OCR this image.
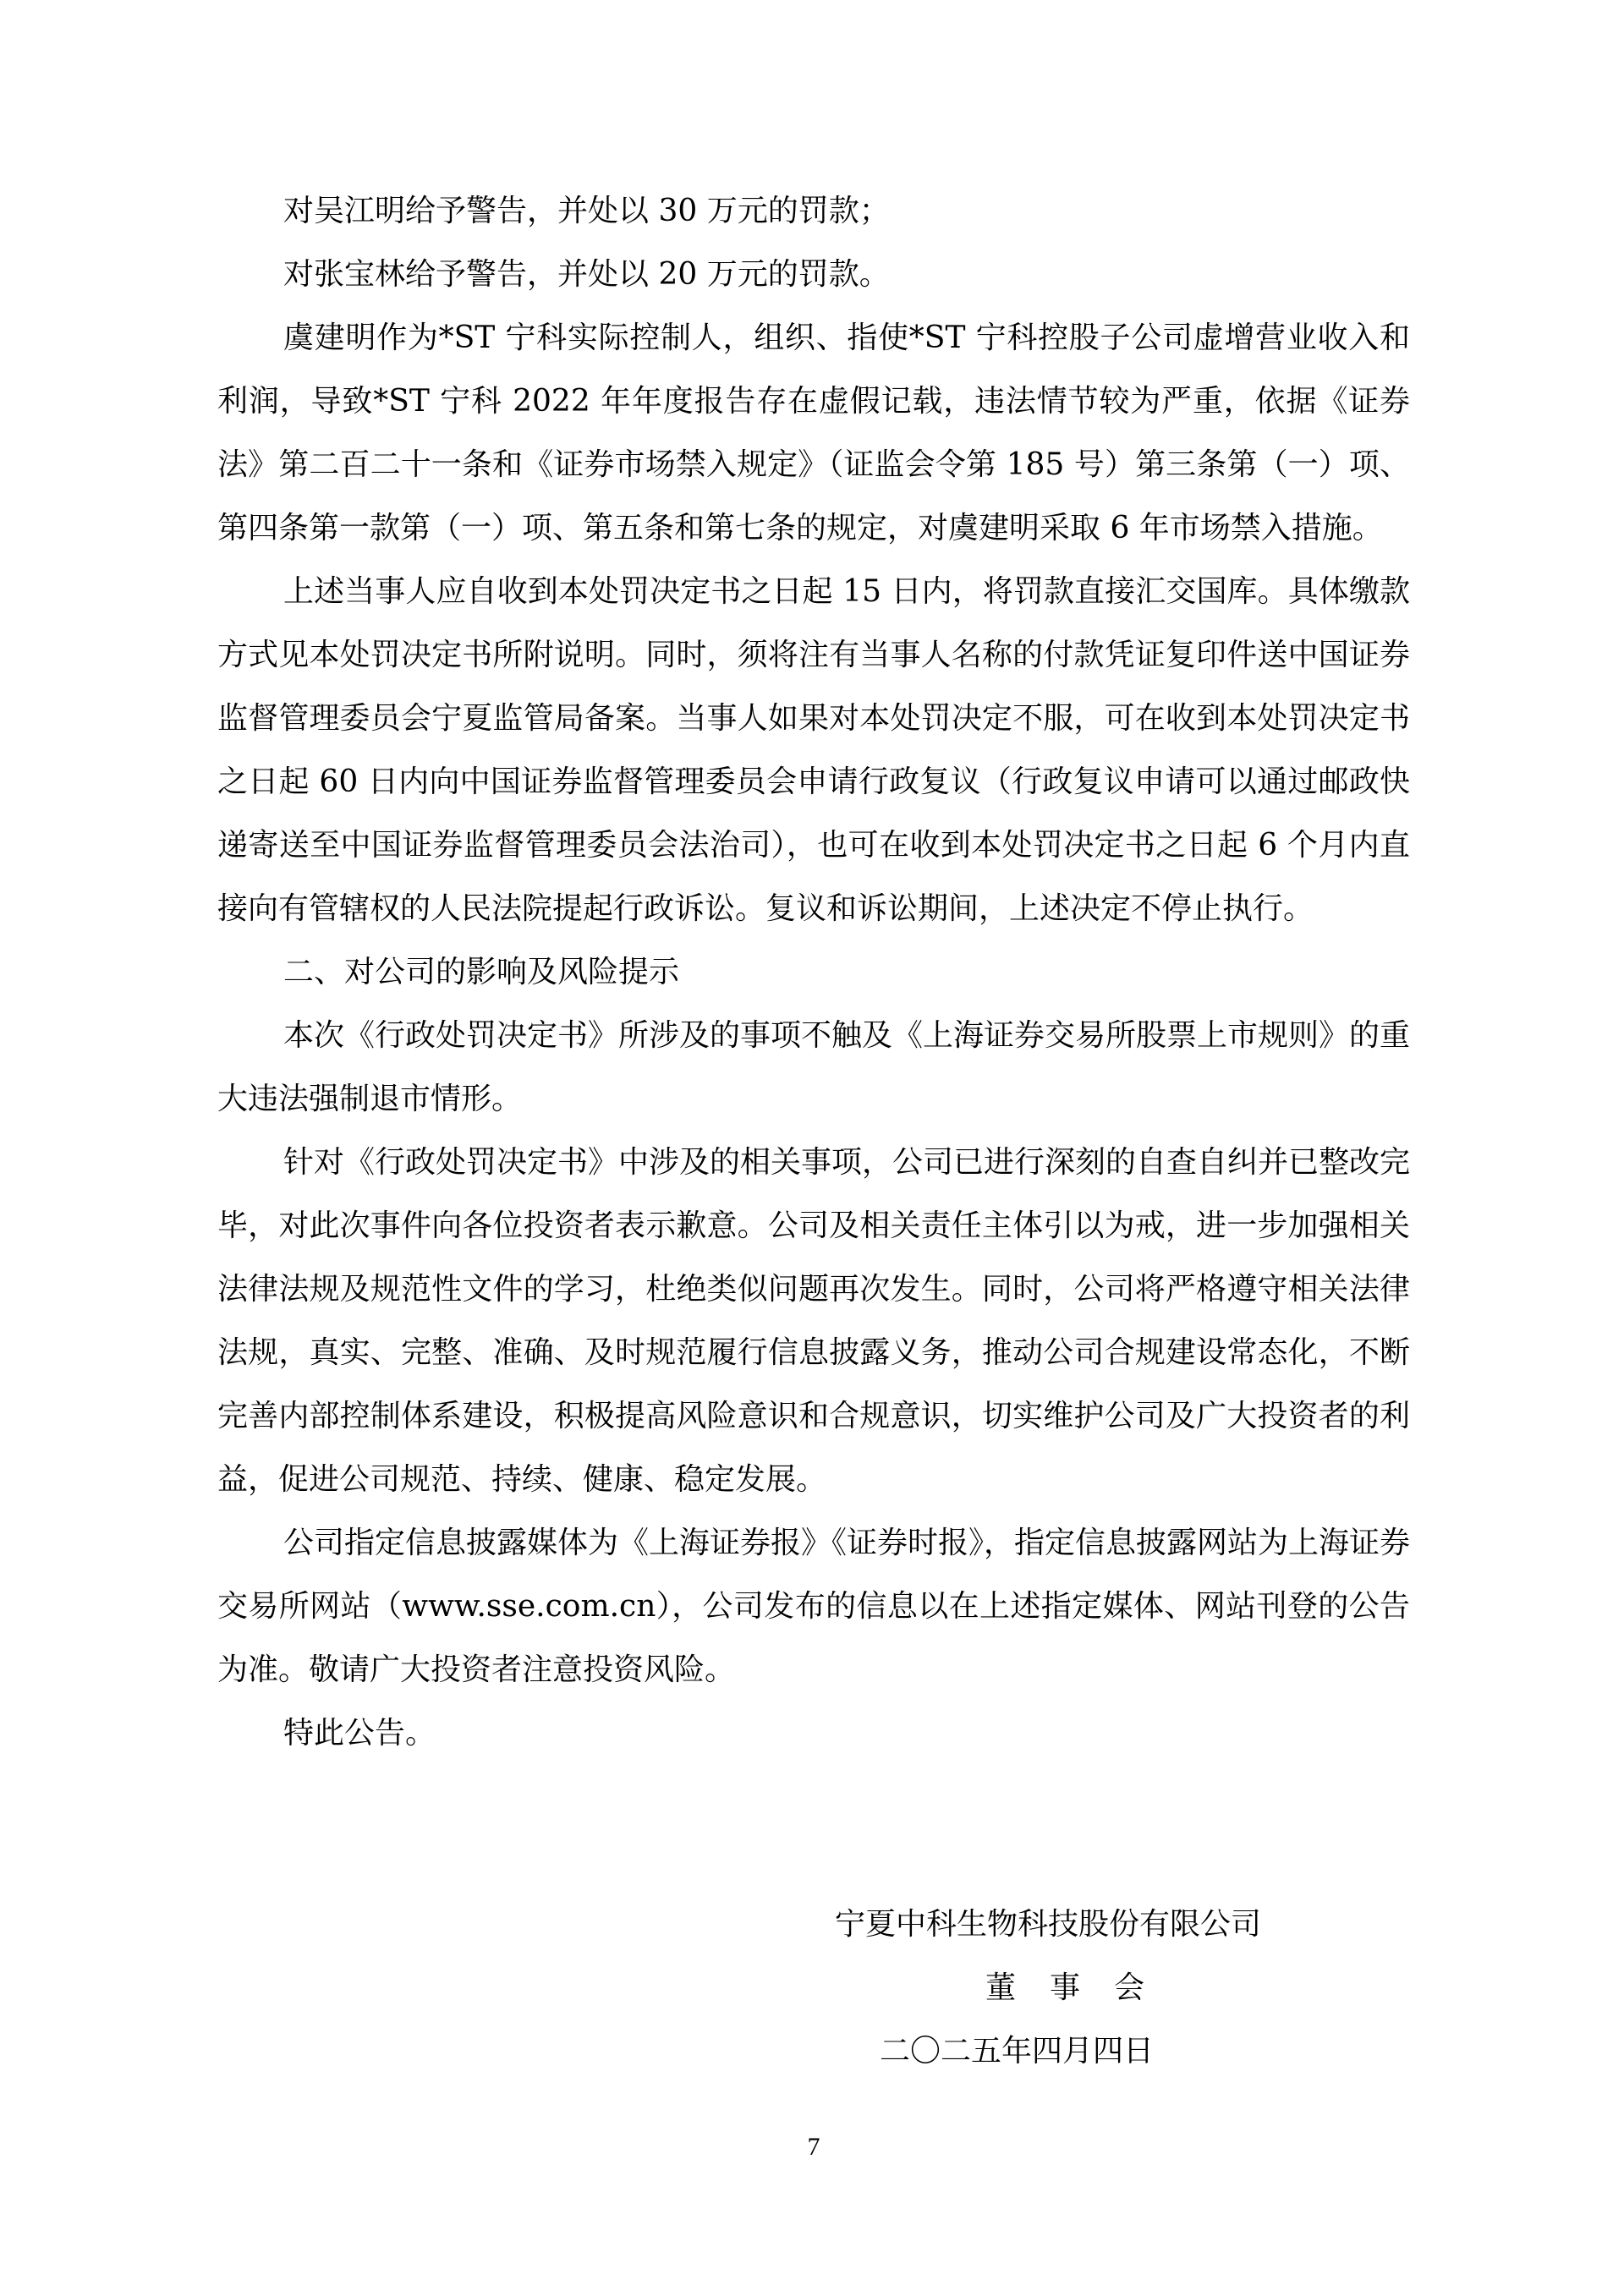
对吴江明给予警告，并处以 30 万元的罚款；

对张宝林给予警告，并处以 20 万元的罚款。

虞建明作为*ST 宁科实际控制人，组织、指使*ST 宁科控股子公司虚增营业收入和利润，导致*ST 宁科 2022 年年度报告存在虚假记载，违法情节较为严重，依据《证券法》第二百二十一条和《证券市场禁入规定》（证监会令第 185 号）第三条第（一）项、第四条第一款第（一）项、第五条和第七条的规定，对虞建明采取 6 年市场禁入措施。

上述当事人应自收到本处罚决定书之日起 15 日内，将罚款直接汇交国库。具体缴款方式见本处罚决定书所附说明。同时，须将注有当事人名称的付款凭证复印件送中国证券监督管理委员会宁夏监管局备案。当事人如果对本处罚决定不服，可在收到本处罚决定书之日起 60 日内向中国证券监督管理委员会申请行政复议（行政复议申请可以通过邮政快递寄送至中国证券监督管理委员会法治司），也可在收到本处罚决定书之日起 6 个月内直接向有管辖权的人民法院提起行政诉讼。复议和诉讼期间，上述决定不停止执行。

二、对公司的影响及风险提示

本次《行政处罚决定书》所涉及的事项不触及《上海证券交易所股票上市规则》的重大违法强制退市情形。

针对《行政处罚决定书》中涉及的相关事项，公司已进行深刻的自查自纠并已整改完毕，对此次事件向各位投资者表示歉意。公司及相关责任主体引以为戒，进一步加强相关法律法规及规范性文件的学习，杜绝类似问题再次发生。同时，公司将严格遵守相关法律法规，真实、完整、准确、及时规范履行信息披露义务，推动公司合规建设常态化，不断完善内部控制体系建设，积极提高风险意识和合规意识，切实维护公司及广大投资者的利益，促进公司规范、持续、健康、稳定发展。

公司指定信息披露媒体为《上海证券报》《证券时报》，指定信息披露网站为上海证券交易所网站（www.sse.com.cn），公司发布的信息以在上述指定媒体、网站刊登的公告为准。敬请广大投资者注意投资风险。

特此公告。

宁夏中科生物科技股份有限公司
董事会
二〇二五年四月四日
7
